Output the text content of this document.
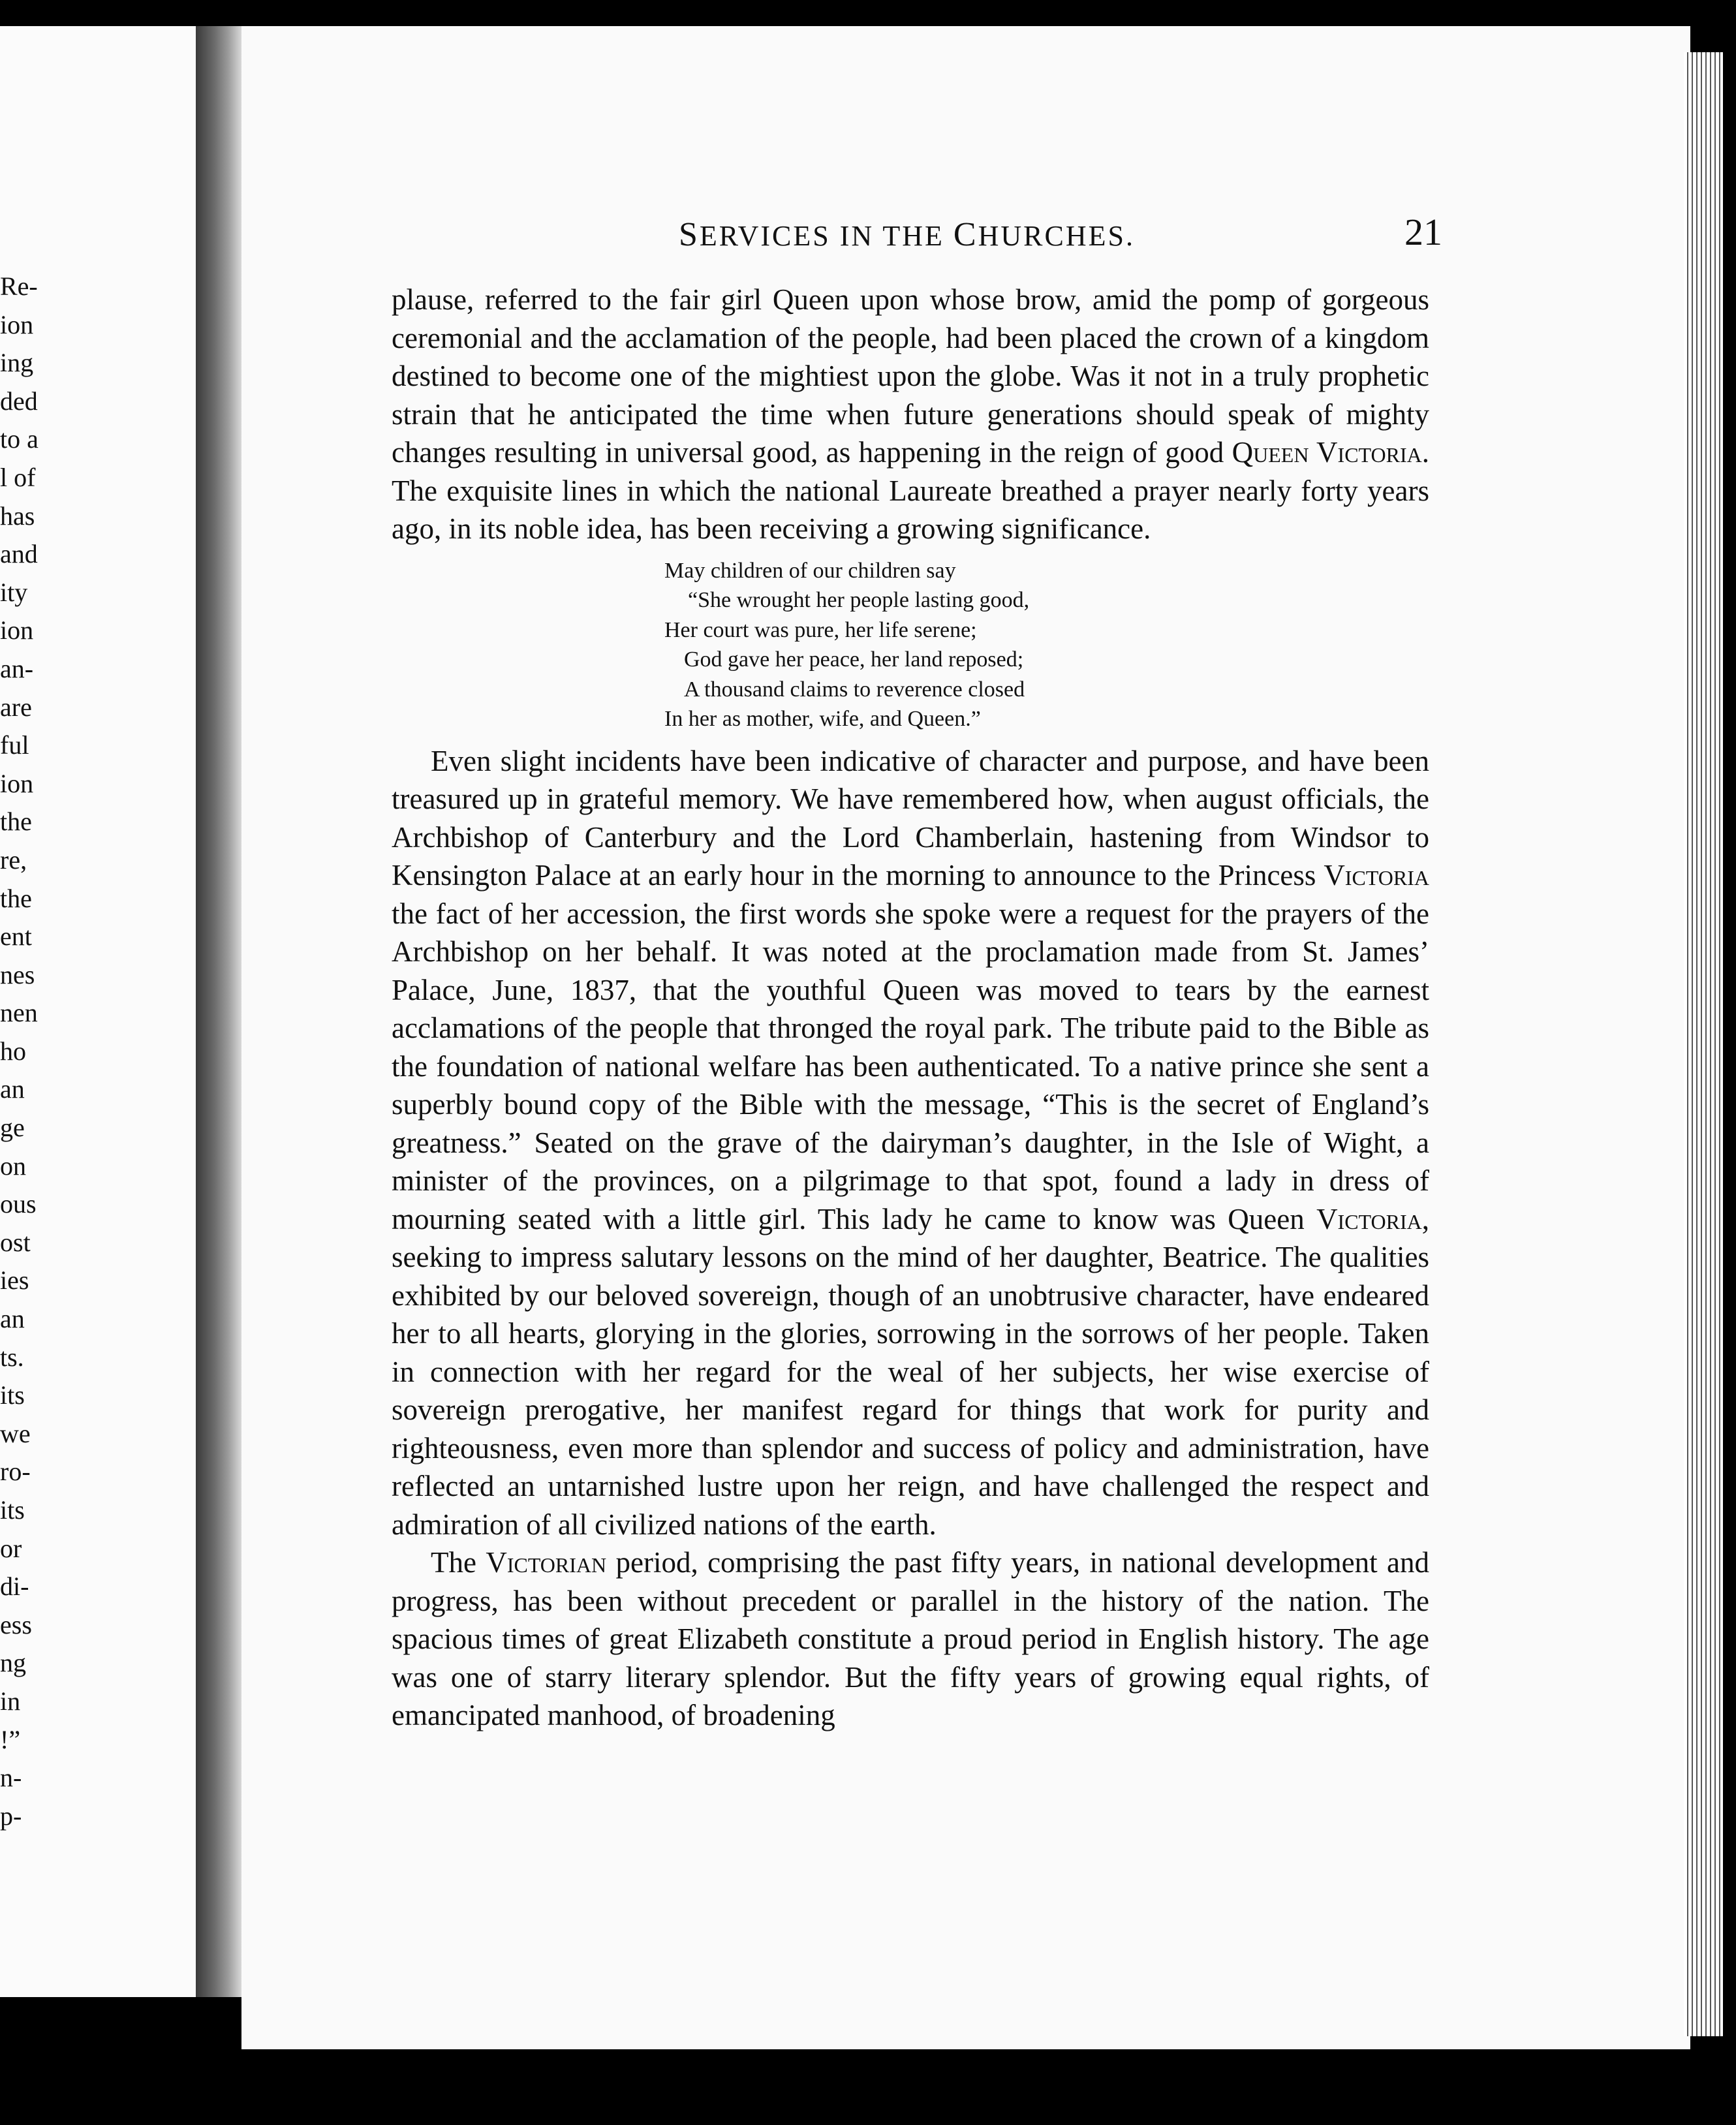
Re-
ion
ing
ded
to a
l of
has
and
ity
ion
an-
are
ful
ion
the
re,
the
ent
nes
nen
ho
an
ge
on
ous
ost
ies
an
ts.
its
we
ro-
its
or
di-
ess
ng
in
!”
n-
p-
SERVICES IN THE CHURCHES.	21

plause, referred to the fair girl Queen upon whose brow, amid the pomp of gorgeous ceremonial and the acclamation of the people, had been placed the crown of a kingdom destined to become one of the mightiest upon the globe. Was it not in a truly prophetic strain that he anticipated the time when future generations should speak of mighty changes resulting in universal good, as happening in the reign of good Queen Victoria. The exquisite lines in which the national Laureate breathed a prayer nearly forty years ago, in its noble idea, has been receiving a growing significance.

May children of our children say
“She wrought her people lasting good,
Her court was pure, her life serene;
God gave her peace, her land reposed;
A thousand claims to reverence closed
In her as mother, wife, and Queen.”

Even slight incidents have been indicative of character and purpose, and have been treasured up in grateful memory. We have remembered how, when august officials, the Archbishop of Canterbury and the Lord Chamberlain, hastening from Windsor to Kensington Palace at an early hour in the morning to announce to the Princess Victoria the fact of her accession, the first words she spoke were a request for the prayers of the Archbishop on her behalf. It was noted at the proclamation made from St. James’ Palace, June, 1837, that the youthful Queen was moved to tears by the earnest acclamations of the people that thronged the royal park. The tribute paid to the Bible as the foundation of national welfare has been authenticated. To a native prince she sent a superbly bound copy of the Bible with the message, “This is the secret of England’s greatness.” Seated on the grave of the dairyman’s daughter, in the Isle of Wight, a minister of the provinces, on a pilgrimage to that spot, found a lady in dress of mourning seated with a little girl. This lady he came to know was Queen Victoria, seeking to impress salutary lessons on the mind of her daughter, Beatrice. The qualities exhibited by our beloved sovereign, though of an unobtrusive character, have endeared her to all hearts, glorying in the glories, sorrowing in the sorrows of her people. Taken in connection with her regard for the weal of her subjects, her wise exercise of sovereign prerogative, her manifest regard for things that work for purity and righteousness, even more than splendor and success of policy and administration, have reflected an untarnished lustre upon her reign, and have challenged the respect and admiration of all civilized nations of the earth.

The Victorian period, comprising the past fifty years, in national development and progress, has been without precedent or parallel in the history of the nation. The spacious times of great Elizabeth constitute a proud period in English history. The age was one of starry literary splendor. But the fifty years of growing equal rights, of emancipated manhood, of broadening
